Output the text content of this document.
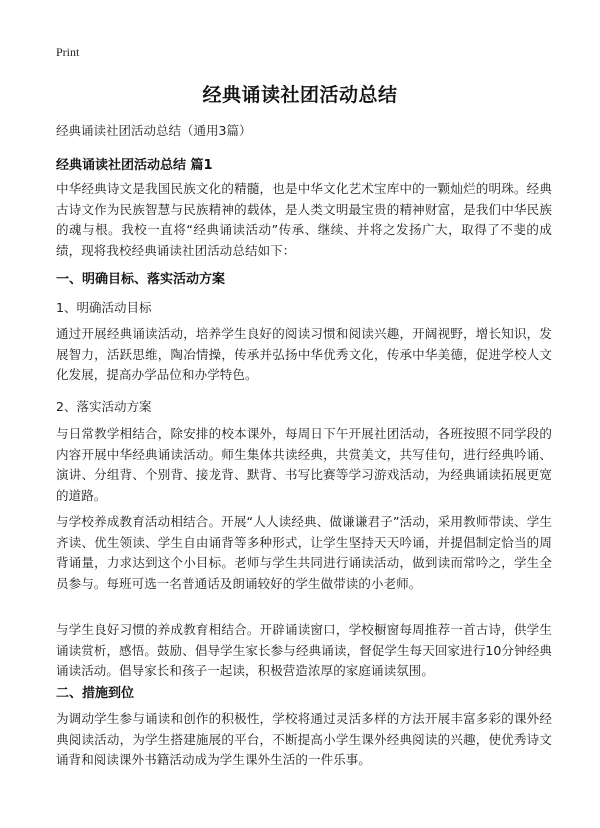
Print
经典诵读社团活动总结
经典诵读社团活动总结（通用3篇）
经典诵读社团活动总结 篇1
中华经典诗文是我国民族文化的精髓，也是中华文化艺术宝库中的一颗灿烂的明珠。经典古诗文作为民族智慧与民族精神的载体，是人类文明最宝贵的精神财富，是我们中华民族的魂与根。我校一直将“经典诵读活动”传承、继续、并将之发扬广大，取得了不斐的成绩，现将我校经典诵读社团活动总结如下：
一、明确目标、落实活动方案
1、明确活动目标
通过开展经典诵读活动，培养学生良好的阅读习惯和阅读兴趣，开阔视野，增长知识，发展智力，活跃思维，陶冶情操，传承并弘扬中华优秀文化，传承中华美德，促进学校人文化发展，提高办学品位和办学特色。
2、落实活动方案
与日常教学相结合，除安排的校本课外，每周日下午开展社团活动，各班按照不同学段的内容开展中华经典诵读活动。师生集体共读经典，共赏美文，共写佳句，进行经典吟诵、演讲、分组背、个别背、接龙背、默背、书写比赛等学习游戏活动，为经典诵读拓展更宽的道路。
与学校养成教育活动相结合。开展“人人读经典、做谦谦君子”活动，采用教师带读、学生齐读、优生领读、学生自由诵背等多种形式，让学生坚持天天吟诵，并提倡制定恰当的周背诵量，力求达到这个小目标。老师与学生共同进行诵读活动，做到读而常吟之，学生全员参与。每班可选一名普通话及朗诵较好的学生做带读的小老师。
与学生良好习惯的养成教育相结合。开辟诵读窗口，学校橱窗每周推荐一首古诗，供学生诵读赏析，感悟。鼓励、倡导学生家长参与经典诵读，督促学生每天回家进行10分钟经典诵读活动。倡导家长和孩子一起读，积极营造浓厚的家庭诵读氛围。
二、措施到位
为调动学生参与诵读和创作的积极性，学校将通过灵活多样的方法开展丰富多彩的课外经典阅读活动，为学生搭建施展的平台，不断提高小学生课外经典阅读的兴趣，使优秀诗文诵背和阅读课外书籍活动成为学生课外生活的一件乐事。
